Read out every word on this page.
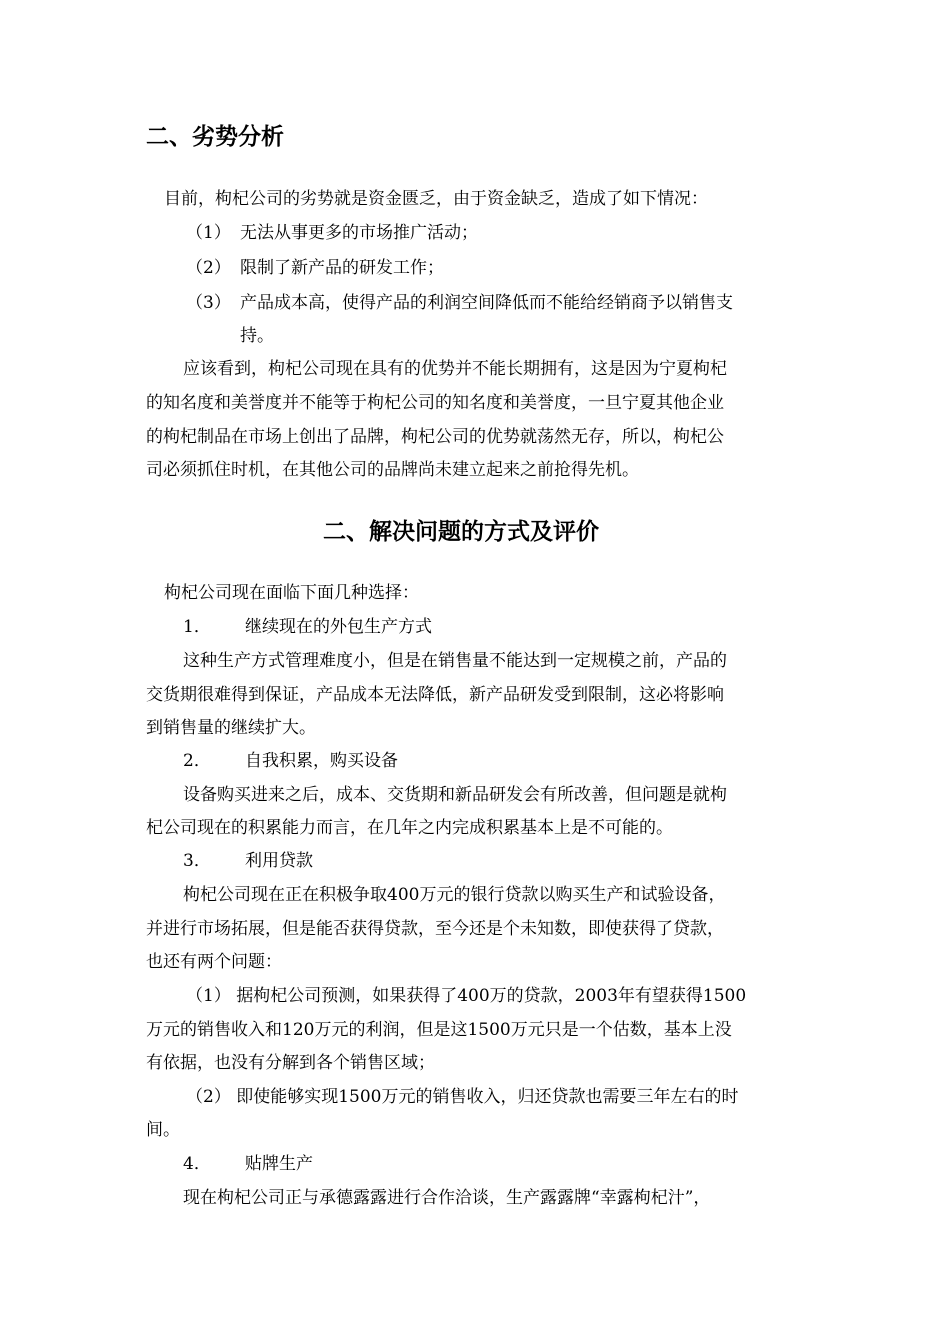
二、劣势分析
目前，枸杞公司的劣势就是资金匮乏，由于资金缺乏，造成了如下情况：
（1） 无法从事更多的市场推广活动；
（2） 限制了新产品的研发工作；
（3） 产品成本高，使得产品的利润空间降低而不能给经销商予以销售支
持。
应该看到，枸杞公司现在具有的优势并不能长期拥有，这是因为宁夏枸杞
的知名度和美誉度并不能等于枸杞公司的知名度和美誉度，一旦宁夏其他企业
的枸杞制品在市场上创出了品牌，枸杞公司的优势就荡然无存，所以，枸杞公
司必须抓住时机，在其他公司的品牌尚未建立起来之前抢得先机。
二、解决问题的方式及评价
枸杞公司现在面临下面几种选择：
1． 继续现在的外包生产方式
这种生产方式管理难度小，但是在销售量不能达到一定规模之前，产品的
交货期很难得到保证，产品成本无法降低，新产品研发受到限制，这必将影响
到销售量的继续扩大。
2． 自我积累，购买设备
设备购买进来之后，成本、交货期和新品研发会有所改善，但问题是就枸
杞公司现在的积累能力而言，在几年之内完成积累基本上是不可能的。
3． 利用贷款
枸杞公司现在正在积极争取400万元的银行贷款以购买生产和试验设备，
并进行市场拓展，但是能否获得贷款，至今还是个未知数，即使获得了贷款，
也还有两个问题：
（1） 据枸杞公司预测，如果获得了400万的贷款，2003年有望获得1500
万元的销售收入和120万元的利润，但是这1500万元只是一个估数，基本上没
有依据，也没有分解到各个销售区域；
（2） 即使能够实现1500万元的销售收入，归还贷款也需要三年左右的时
间。
4． 贴牌生产
现在枸杞公司正与承德露露进行合作洽谈，生产露露牌“幸露枸杞汁”，
